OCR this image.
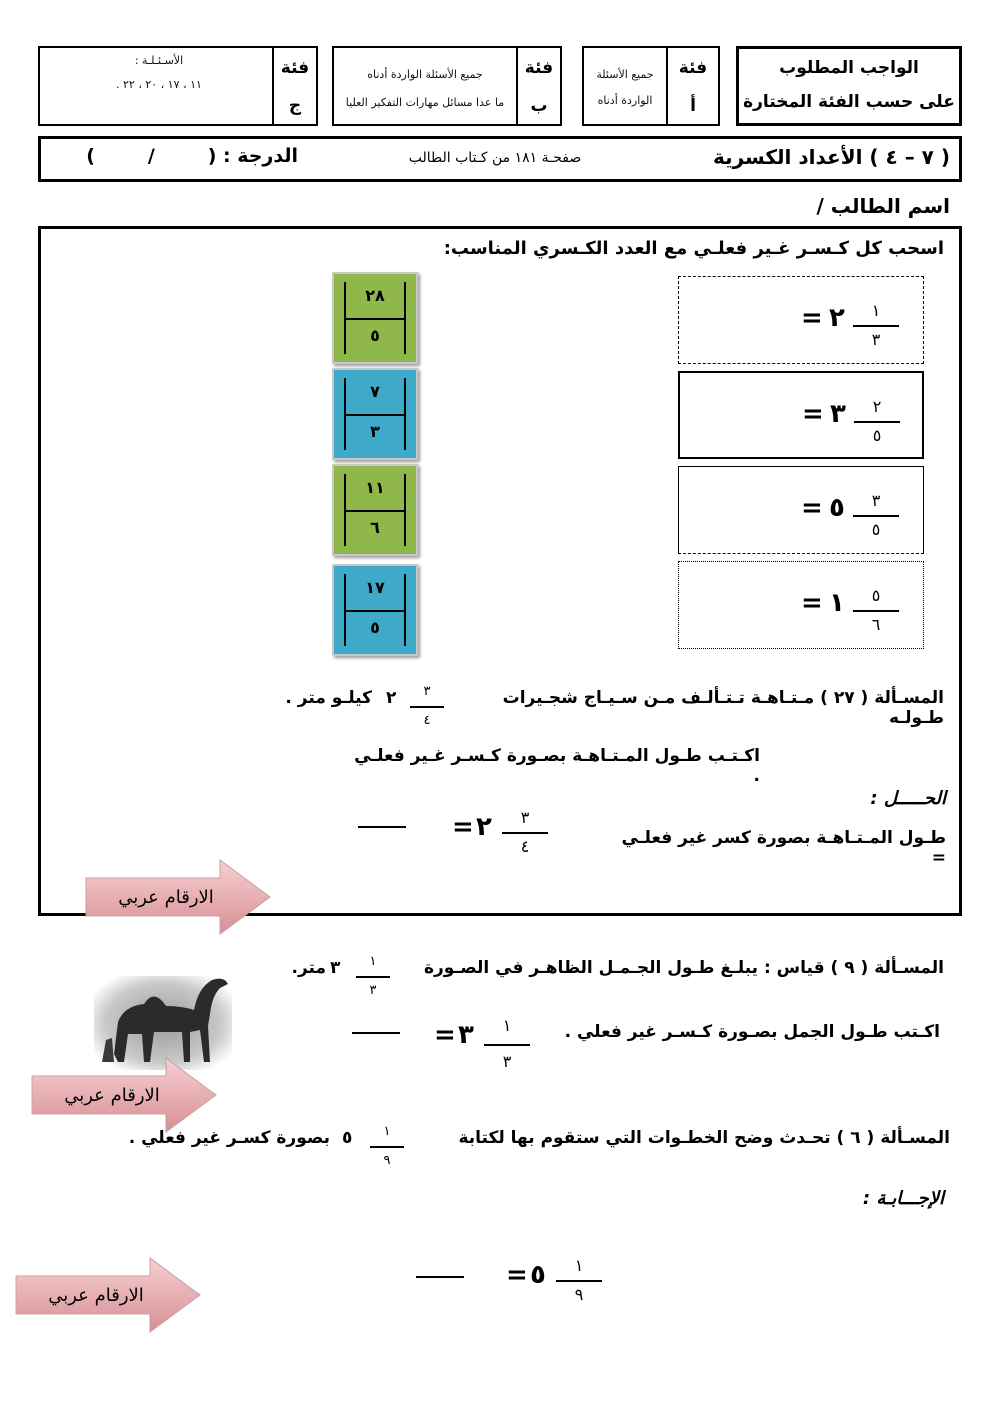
الأسـئـلـة :
١١ ، ١٧ ، ٢٠ ، ٢٢ .
فئة
ج
جميع الأسئلة الواردة أدناه
ما عدا مسائل مهارات التفكير العليا
فئة
ب
جميع الأسئلة
الواردة أدناه
فئة
أ
الواجب المطلوب
على حسب الفئة المختارة
( ٧ – ٤ ) الأعداد الكسرية
صفحـة ١٨١ من كـتاب الطالب
الدرجة : (        /        )
اسم الطالب /
اسحب كل كـسـر غـير فعلـي مع العدد الكـسري المناسب:
= ٢	١
٣
= ٣	٢
٥
= ٥	٣
٥
= ١	٥
٦
٢٨
٥
٧
٣
١١
٦
١٧
٥
المسـألة ( ٢٧ ) مـتـاهـة تـتـألـف مـن سـيـاج شجـيرات طـولـه
٣
٤
٢
كيلـو متر .
اكـتـب طـول المـتـاهـة بصـورة كـسـر غـير فعلـي .
الحـــــل :
طـول المـتـاهـة بصورة كسر غير فعلـي =
٣
٤
٢
=
الارقام عربي
المسـألة ( ٩ ) قياس : يبلـغ طـول الجـمـل الظاهـر في الصـورة
١
٣
٣
متر.
اكـتب طـول الجمل بصـورة كـسـر غير فعلي .
١
٣
٣
=
الارقام عربي
المسـألة ( ٦ ) تحـدث وضح الخطـوات التي ستقوم بها لكتابة
١
٩
٥
بصورة كسـر غير فعلي .
الإجـــابـة :
١
٩
٥
=
الارقام عربي
